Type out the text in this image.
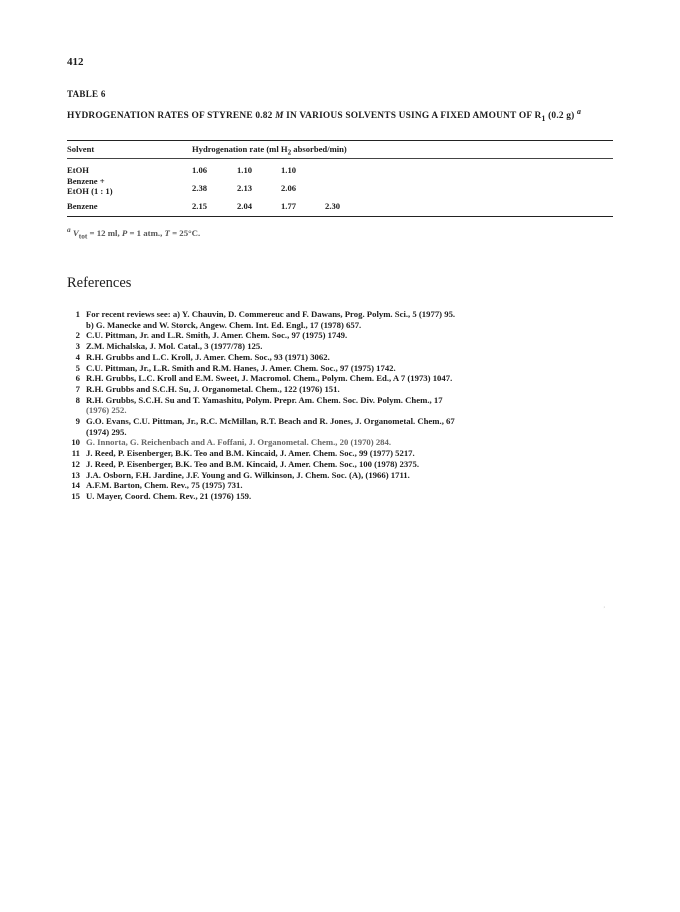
412
TABLE 6
HYDROGENATION RATES OF STYRENE 0.82 M IN VARIOUS SOLVENTS USING A FIXED AMOUNT OF $R_1$ (0.2 g) $^a$
Solvent	Hydrogenation rate (ml $H_2$ absorbed/min)
EtOH	1.06	1.10	1.10
Benzene +
EtOH (1 : 1)	2.38	2.13	2.06
Benzene	2.15	2.04	1.77	2.30
$^a$ $V_{tot} = 12$ ml, P = 1 atm., T = 25°C.
References
1 For recent reviews see: a) Y. Chauvin, D. Commereuc and F. Dawans, Prog. Polym. Sci., 5 (1977) 95.
b) G. Manecke and W. Storck, Angew. Chem. Int. Ed. Engl., 17 (1978) 657.
2 C.U. Pittman, Jr. and L.R. Smith, J. Amer. Chem. Soc., 97 (1975) 1749.
3 Z.M. Michalska, J. Mol. Catal., 3 (1977/78) 125.
4 R.H. Grubbs and L.C. Kroll, J. Amer. Chem. Soc., 93 (1971) 3062.
5 C.U. Pittman, Jr., L.R. Smith and R.M. Hanes, J. Amer. Chem. Soc., 97 (1975) 1742.
6 R.H. Grubbs, L.C. Kroll and E.M. Sweet, J. Macromol. Chem., Polym. Chem. Ed., A 7 (1973) 1047.
7 R.H. Grubbs and S.C.H. Su, J. Organometal. Chem., 122 (1976) 151.
8 R.H. Grubbs, S.C.H. Su and T. Yamashitu, Polym. Prepr. Am. Chem. Soc. Div. Polym. Chem., 17
(1976) 252.
9 G.O. Evans, C.U. Pittman, Jr., R.C. McMillan, R.T. Beach and R. Jones, J. Organometal. Chem., 67
(1974) 295.
10 G. Innorta, G. Reichenbach and A. Foffani, J. Organometal. Chem., 20 (1970) 284.
11 J. Reed, P. Eisenberger, B.K. Teo and B.M. Kincaid, J. Amer. Chem. Soc., 99 (1977) 5217.
12 J. Reed, P. Eisenberger, B.K. Teo and B.M. Kincaid, J. Amer. Chem. Soc., 100 (1978) 2375.
13 J.A. Osborn, F.H. Jardine, J.F. Young and G. Wilkinson, J. Chem. Soc. (A), (1966) 1711.
14 A.F.M. Barton, Chem. Rev., 75 (1975) 731.
15 U. Mayer, Coord. Chem. Rev., 21 (1976) 159.
,
